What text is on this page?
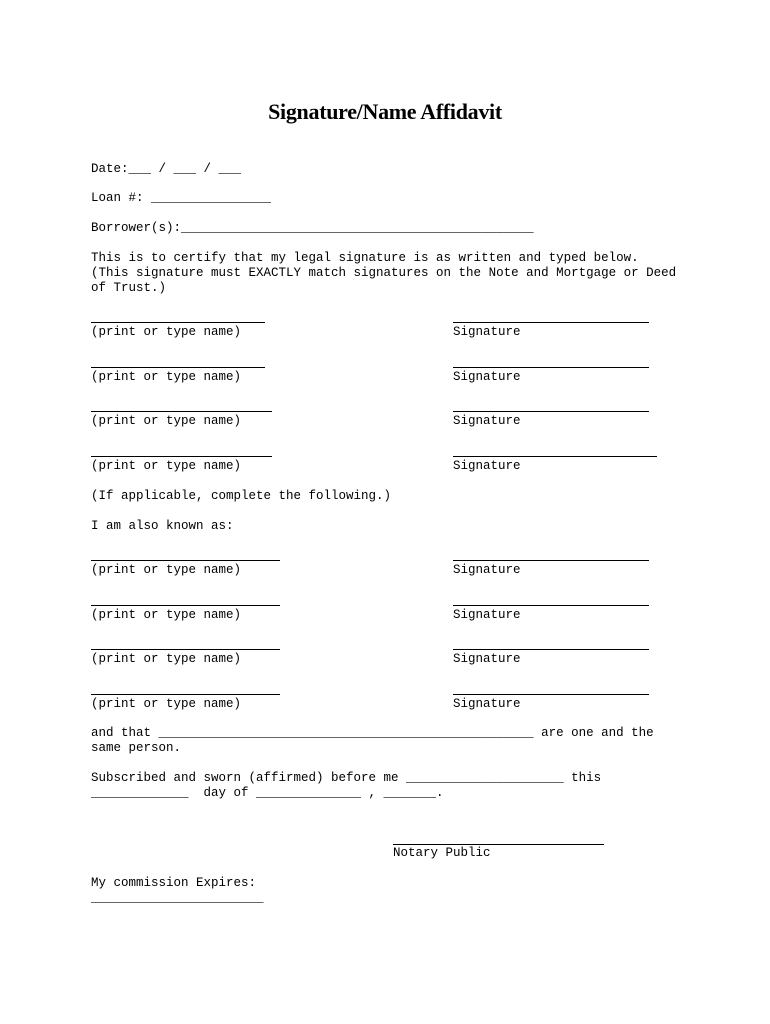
Signature/Name Affidavit
Date:___ / ___ / ___
Loan #: ________________
Borrower(s):_______________________________________________
This is to certify that my legal signature is as written and typed below.
(This signature must EXACTLY match signatures on the Note and Mortgage or Deed
of Trust.)
(print or type name)	Signature
(print or type name)	Signature
(print or type name)	Signature
(print or type name)	Signature
(If applicable, complete the following.)
I am also known as:
(print or type name)	Signature
(print or type name)	Signature
(print or type name)	Signature
(print or type name)	Signature
and that __________________________________________________ are one and the
same person.
Subscribed and sworn (affirmed) before me _____________________ this
_____________  day of ______________ , _______.
Notary Public
My commission Expires:
_______________________
